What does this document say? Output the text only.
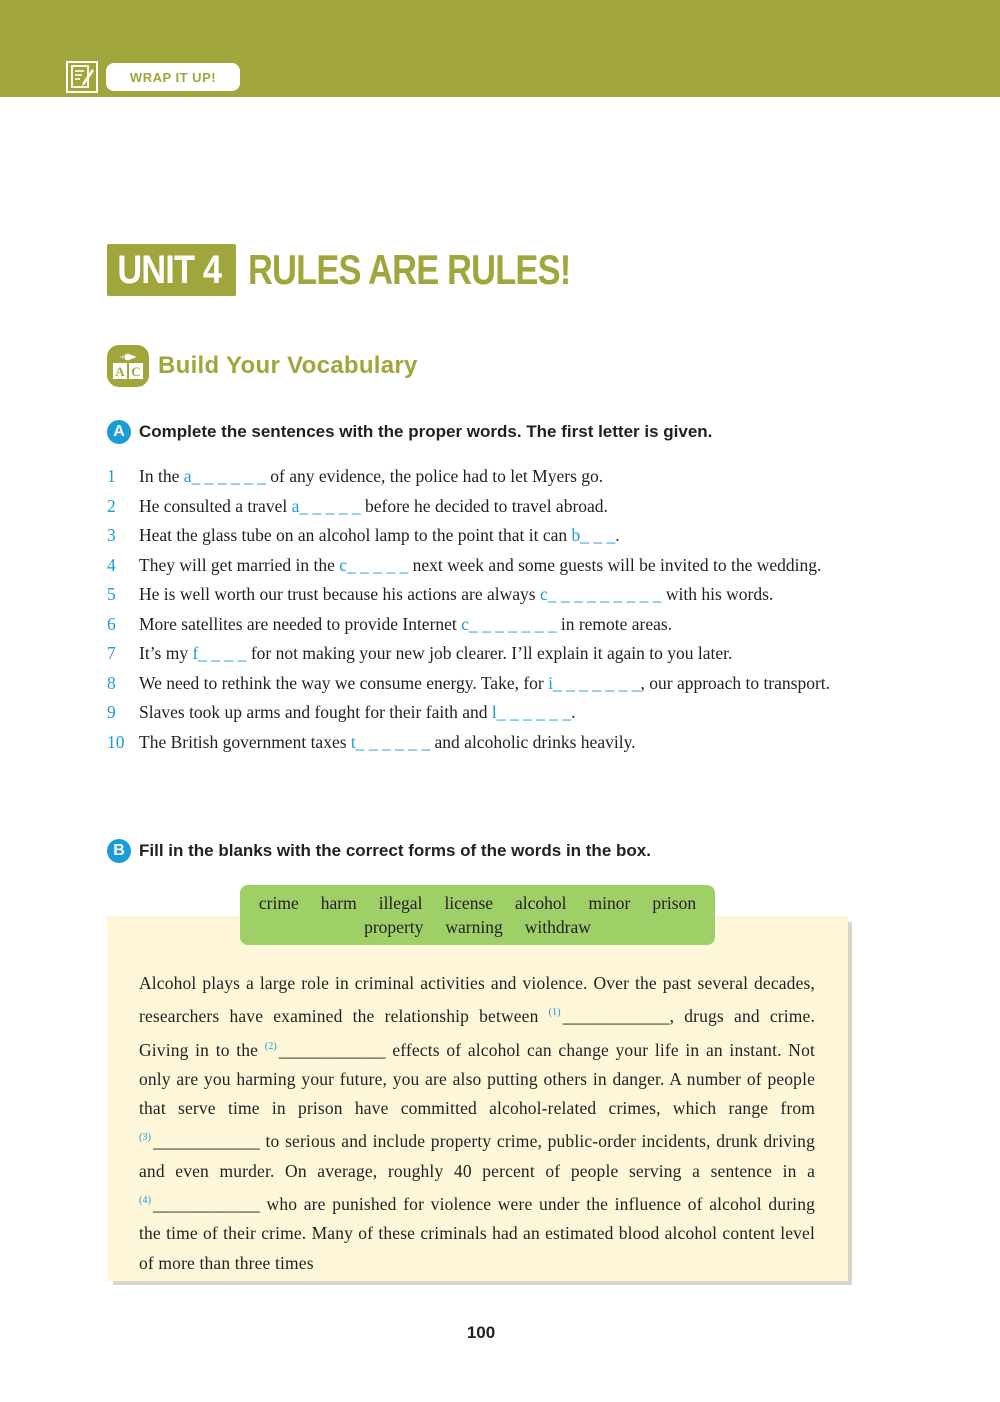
WRAP IT UP!
UNIT 4 RULES ARE RULES!
B
A C Build Your Vocabulary
A Complete the sentences with the proper words. The first letter is given.
1	In the a_ _ _ _ _ _ of any evidence, the police had to let Myers go.
2	He consulted a travel a_ _ _ _ _ before he decided to travel abroad.
3	Heat the glass tube on an alcohol lamp to the point that it can b_ _ _.
4	They will get married in the c_ _ _ _ _ next week and some guests will be invited to the wedding.
5	He is well worth our trust because his actions are always c_ _ _ _ _ _ _ _ _ with his words.
6	More satellites are needed to provide Internet c_ _ _ _ _ _ _ in remote areas.
7	It’s my f_ _ _ _ for not making your new job clearer. I’ll explain it again to you later.
8	We need to rethink the way we consume energy. Take, for i_ _ _ _ _ _ _, our approach to transport.
9	Slaves took up arms and fought for their faith and l_ _ _ _ _ _.
10 The British government taxes t_ _ _ _ _ _ and alcoholic drinks heavily.
B Fill in the blanks with the correct forms of the words in the box.

Alcohol plays a large role in criminal activities and violence. Over the past several decades, researchers have examined the relationship between $^{(1)}$ ____________, drugs and crime. Giving in to the $^{(2)}$ ____________ effects of alcohol can change your life in an instant. Not only are you harming your future, you are also putting others in danger. A number of people that serve time in prison have committed alcohol-related crimes, which range from $^{(3)}$ ____________ to serious and include property crime, public-order incidents, drunk driving and even murder. On average, roughly 40 percent of people serving a sentence in a $^{(4)}$ ____________ who are punished for violence were under the influence of alcohol during the time of their crime. Many of these criminals had an estimated blood alcohol content level of more than three times

crime harm illegal license alcohol minor prison
property warning withdraw
100
